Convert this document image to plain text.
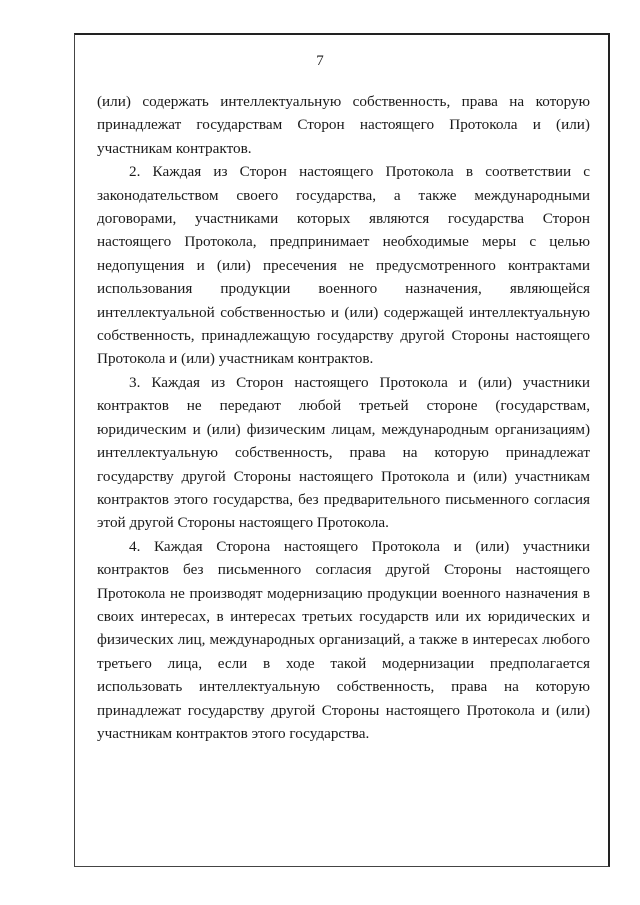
7

(или) содержать интеллектуальную собственность, права на которую принадлежат государствам Сторон настоящего Протокола и (или) участникам контрактов.

2. Каждая из Сторон настоящего Протокола в соответствии с законодательством своего государства, а также международными договорами, участниками которых являются государства Сторон настоящего Протокола, предпринимает необходимые меры с целью недопущения и (или) пресечения не предусмотренного контрактами использования продукции военного назначения, являющейся интеллектуальной собственностью и (или) содержащей интеллектуальную собственность, принадлежащую государству другой Стороны настоящего Протокола и (или) участникам контрактов.

3. Каждая из Сторон настоящего Протокола и (или) участники контрактов не передают любой третьей стороне (государствам, юридическим и (или) физическим лицам, международным организациям) интеллектуальную собственность, права на которую принадлежат государству другой Стороны настоящего Протокола и (или) участникам контрактов этого государства, без предварительного письменного согласия этой другой Стороны настоящего Протокола.

4. Каждая Сторона настоящего Протокола и (или) участники контрактов без письменного согласия другой Стороны настоящего Протокола не производят модернизацию продукции военного назначения в своих интересах, в интересах третьих государств или их юридических и физических лиц, международных организаций, а также в интересах любого третьего лица, если в ходе такой модернизации предполагается использовать интеллектуальную собственность, права на которую принадлежат государству другой Стороны настоящего Протокола и (или) участникам контрактов этого государства.
